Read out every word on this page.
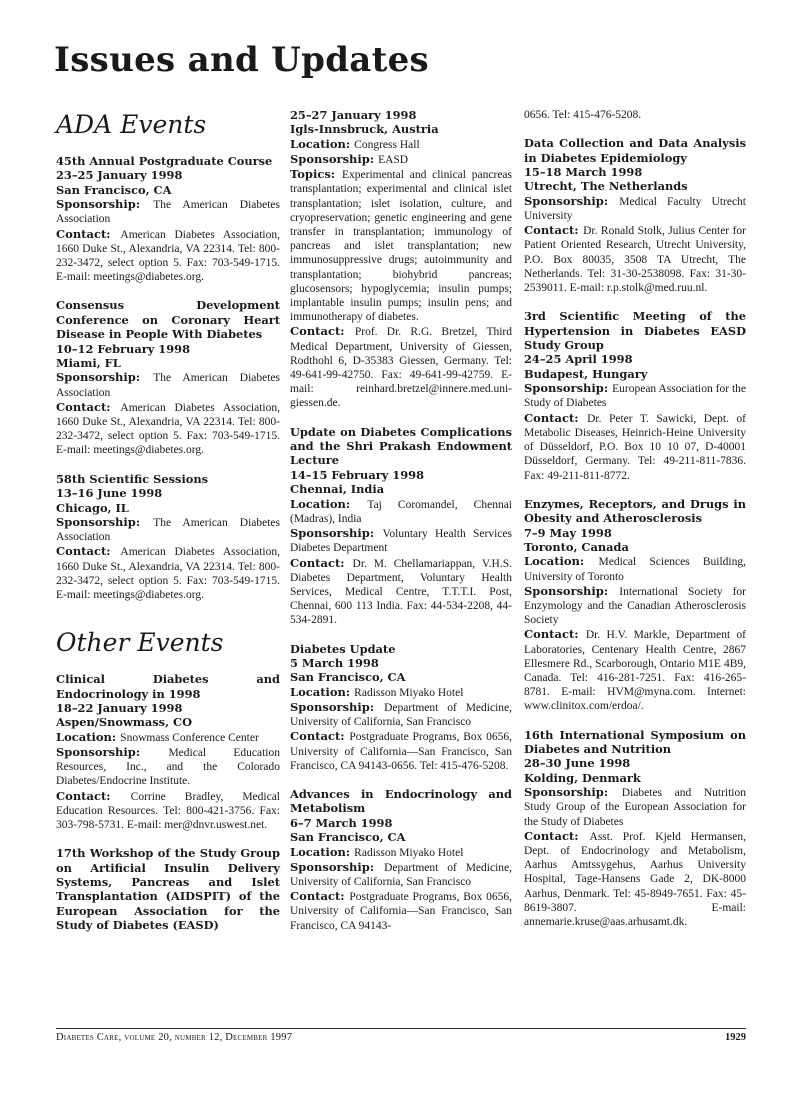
Issues and Updates
ADA Events
45th Annual Postgraduate Course
23–25 January 1998
San Francisco, CA

Sponsorship: The American Diabetes Association

Contact: American Diabetes Association, 1660 Duke St., Alexandria, VA 22314. Tel: 800-232-3472, select option 5. Fax: 703-549-1715. E-mail: meetings@diabetes.org.

Consensus Development Conference on Coronary Heart Disease in People With Diabetes
10–12 February 1998
Miami, FL

Sponsorship: The American Diabetes Association

Contact: American Diabetes Association, 1660 Duke St., Alexandria, VA 22314. Tel: 800-232-3472, select option 5. Fax: 703-549-1715. E-mail: meetings@diabetes.org.

58th Scientific Sessions
13–16 June 1998
Chicago, IL

Sponsorship: The American Diabetes Association

Contact: American Diabetes Association, 1660 Duke St., Alexandria, VA 22314. Tel: 800-232-3472, select option 5. Fax: 703-549-1715. E-mail: meetings@diabetes.org.

Other Events
Clinical Diabetes and Endocrinology in 1998
18–22 January 1998
Aspen/Snowmass, CO

Location: Snowmass Conference Center

Sponsorship: Medical Education Resources, Inc., and the Colorado Diabetes/Endocrine Institute.

Contact: Corrine Bradley, Medical Education Resources. Tel: 800-421-3756. Fax: 303-798-5731. E-mail: mer@dnvr.uswest.net.

17th Workshop of the Study Group on Artificial Insulin Delivery Systems, Pancreas and Islet Transplantation (AIDSPIT) of the European Association for the Study of Diabetes (EASD)
25–27 January 1998
Igls-Innsbruck, Austria

Location: Congress Hall

Sponsorship: EASD

Topics: Experimental and clinical pancreas transplantation; experimental and clinical islet transplantation; islet isolation, culture, and cryopreservation; genetic engineering and gene transfer in transplantation; immunology of pancreas and islet transplantation; new immunosuppressive drugs; autoimmunity and transplantation; biohybrid pancreas; glucosensors; hypoglycemia; insulin pumps; implantable insulin pumps; insulin pens; and immunotherapy of diabetes.

Contact: Prof. Dr. R.G. Bretzel, Third Medical Department, University of Giessen, Rodthohl 6, D-35383 Giessen, Germany. Tel: 49-641-99-42750. Fax: 49-641-99-42759. E-mail: reinhard.bretzel@innere.med.uni-giessen.de.

Update on Diabetes Complications and the Shri Prakash Endowment Lecture
14–15 February 1998
Chennai, India

Location: Taj Coromandel, Chennai (Madras), India

Sponsorship: Voluntary Health Services Diabetes Department

Contact: Dr. M. Chellamariappan, V.H.S. Diabetes Department, Voluntary Health Services, Medical Centre, T.T.T.I. Post, Chennai, 600 113 India. Fax: 44-534-2208, 44-534-2891.

Diabetes Update
5 March 1998
San Francisco, CA

Location: Radisson Miyako Hotel

Sponsorship: Department of Medicine, University of California, San Francisco

Contact: Postgraduate Programs, Box 0656, University of California—San Francisco, San Francisco, CA 94143-0656. Tel: 415-476-5208.

Advances in Endocrinology and Metabolism
6–7 March 1998
San Francisco, CA

Location: Radisson Miyako Hotel

Sponsorship: Department of Medicine, University of California, San Francisco

Contact: Postgraduate Programs, Box 0656, University of California—San Francisco, San Francisco, CA 94143-

0656. Tel: 415-476-5208.
Data Collection and Data Analysis in Diabetes Epidemiology
15–18 March 1998
Utrecht, The Netherlands

Sponsorship: Medical Faculty Utrecht University

Contact: Dr. Ronald Stolk, Julius Center for Patient Oriented Research, Utrecht University, P.O. Box 80035, 3508 TA Utrecht, The Netherlands. Tel: 31-30-2538098. Fax: 31-30-2539011. E-mail: r.p.stolk@med.ruu.nl.

3rd Scientific Meeting of the Hypertension in Diabetes EASD Study Group
24–25 April 1998
Budapest, Hungary

Sponsorship: European Association for the Study of Diabetes

Contact: Dr. Peter T. Sawicki, Dept. of Metabolic Diseases, Heinrich-Heine University of Düsseldorf, P.O. Box 10 10 07, D-40001 Düsseldorf, Germany. Tel: 49-211-811-7836. Fax: 49-211-811-8772.

Enzymes, Receptors, and Drugs in Obesity and Atherosclerosis
7–9 May 1998
Toronto, Canada

Location: Medical Sciences Building, University of Toronto

Sponsorship: International Society for Enzymology and the Canadian Atherosclerosis Society

Contact: Dr. H.V. Markle, Department of Laboratories, Centenary Health Centre, 2867 Ellesmere Rd., Scarborough, Ontario M1E 4B9, Canada. Tel: 416-281-7251. Fax: 416-265-8781. E-mail: HVM@myna.com. Internet: www.clinitox.com/erdoa/.

16th International Symposium on Diabetes and Nutrition
28–30 June 1998
Kolding, Denmark

Sponsorship: Diabetes and Nutrition Study Group of the European Association for the Study of Diabetes

Contact: Asst. Prof. Kjeld Hermansen, Dept. of Endocrinology and Metabolism, Aarhus Amtssygehus, Aarhus University Hospital, Tage-Hansens Gade 2, DK-8000 Aarhus, Denmark. Tel: 45-8949-7651. Fax: 45-8619-3807. E-mail: annemarie.kruse@aas.arhusamt.dk.

Diabetes Care, volume 20, number 12, December 1997	1929
